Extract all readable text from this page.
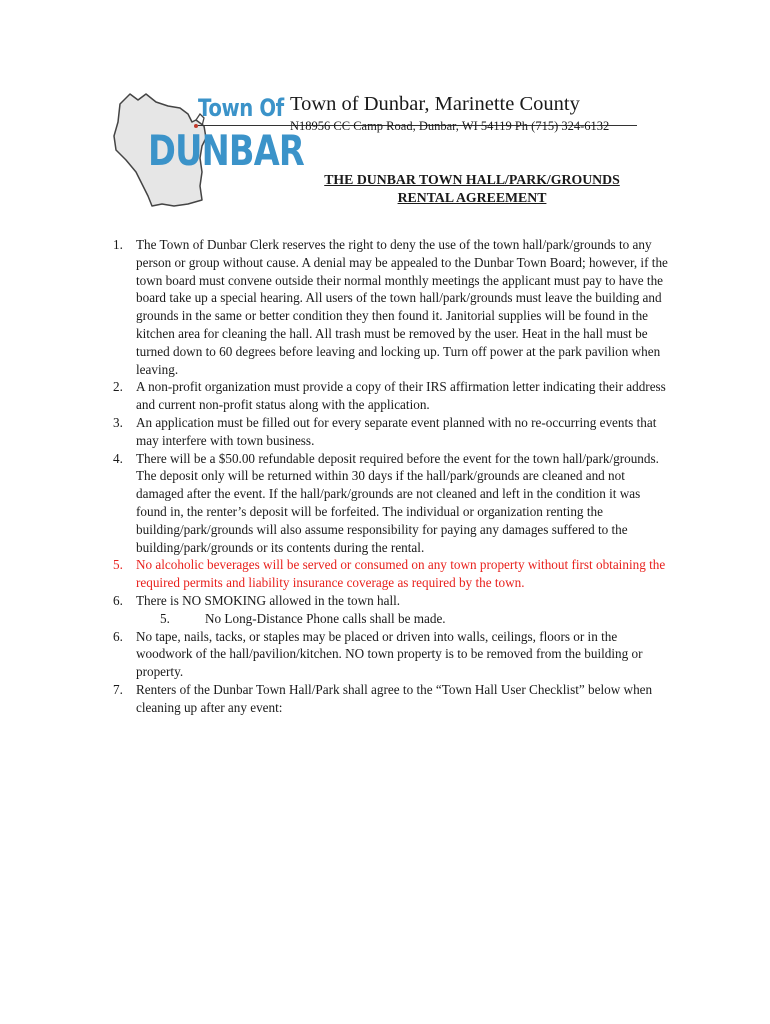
Town Of
DUNBAR
Town of Dunbar, Marinette County
N18956 CC Camp Road, Dunbar, WI 54119 Ph (715) 324-6132
THE DUNBAR TOWN HALL/PARK/GROUNDS
RENTAL AGREEMENT
1. The Town of Dunbar Clerk reserves the right to deny the use of the town hall/park/grounds to any person or group without cause. A denial may be appealed to the Dunbar Town Board; however, if the town board must convene outside their normal monthly meetings the applicant must pay to have the board take up a special hearing. All users of the town hall/park/grounds must leave the building and grounds in the same or better condition they then found it. Janitorial supplies will be found in the kitchen area for cleaning the hall. All trash must be removed by the user. Heat in the hall must be turned down to 60 degrees before leaving and locking up. Turn off power at the park pavilion when leaving.
2. A non-profit organization must provide a copy of their IRS affirmation letter indicating their address and current non-profit status along with the application.
3. An application must be filled out for every separate event planned with no re-occurring events that may interfere with town business.
4. There will be a $50.00 refundable deposit required before the event for the town hall/park/grounds. The deposit only will be returned within 30 days if the hall/park/grounds are cleaned and not damaged after the event. If the hall/park/grounds are not cleaned and left in the condition it was found in, the renter’s deposit will be forfeited. The individual or organization renting the building/park/grounds will also assume responsibility for paying any damages suffered to the building/park/grounds or its contents during the rental.
5. No alcoholic beverages will be served or consumed on any town property without first obtaining the required permits and liability insurance coverage as required by the town.
6. There is NO SMOKING allowed in the town hall.
5.	No Long-Distance Phone calls shall be made.
6. No tape, nails, tacks, or staples may be placed or driven into walls, ceilings, floors or in the woodwork of the hall/pavilion/kitchen. NO town property is to be removed from the building or property.
7. Renters of the Dunbar Town Hall/Park shall agree to the “Town Hall User Checklist” below when cleaning up after any event:
